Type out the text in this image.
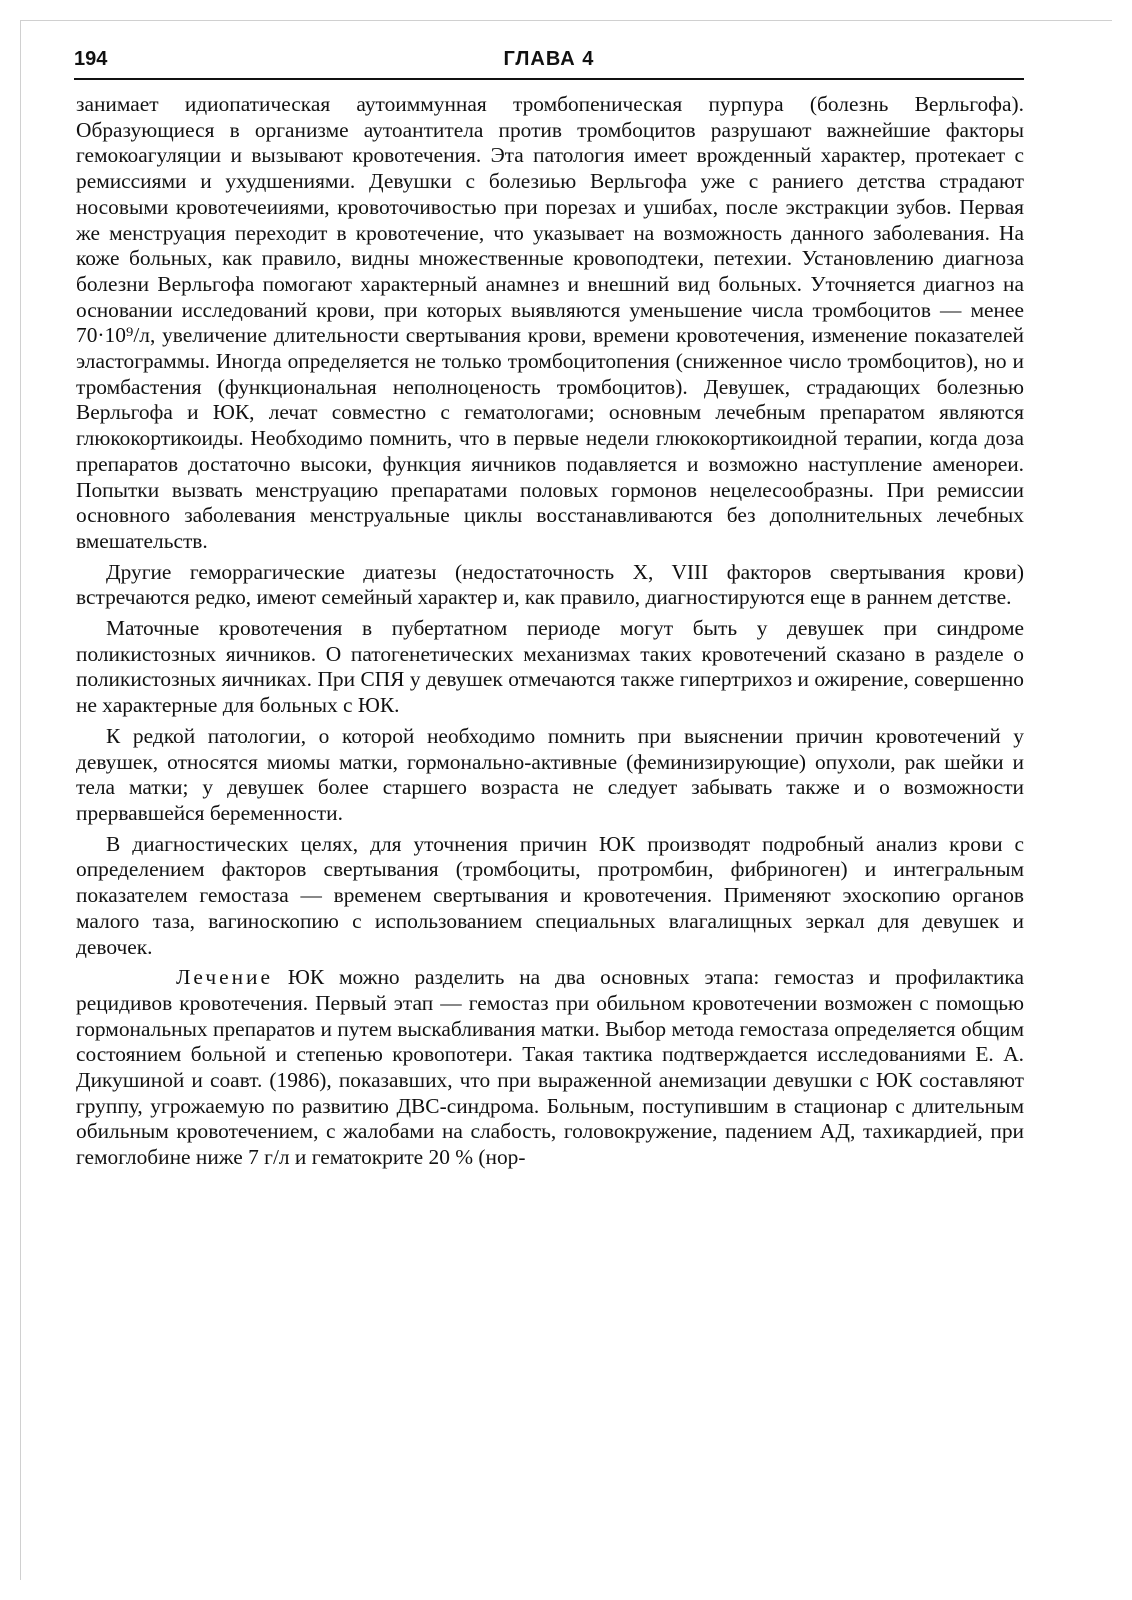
194	ГЛАВА 4

занимает идиопатическая аутоиммунная тромбопеническая пурпура (болезнь Верльгофа). Образующиеся в организме аутоантитела против тромбоцитов разрушают важнейшие факторы гемокоагуляции и вызывают кровотечения. Эта патология имеет врожденный характер, протекает с ремиссиями и ухудшениями. Девушки с болезиью Верльгофа уже с раниего детства страдают носовыми кровотечеииями, кровоточивостью при порезах и ушибах, после экстракции зубов. Первая же менструация переходит в кровотечение, что указывает на возможность данного заболевания. На коже больных, как правило, видны множественные кровоподтеки, петехии. Установлению диагноза болезни Верльгофа помогают характерный анамнез и внешний вид больных. Уточняется диагноз на основании исследований крови, при которых выявляются уменьшение числа тромбоцитов — менее 70·10⁹/л, увеличение длительности свертывания крови, времени кровотечения, изменение показателей эластограммы. Иногда определяется не только тромбоцитопения (сниженное число тромбоцитов), но и тромбастения (функциональная неполноценость тромбоцитов). Девушек, страдающих болезнью Верльгофа и ЮК, лечат совместно с гематологами; основным лечебным препаратом являются глюкокортикоиды. Необходимо помнить, что в первые недели глюкокортикоидной терапии, когда доза препаратов достаточно высоки, функция яичников подавляется и возможно наступление аменореи. Попытки вызвать менструацию препаратами половых гормонов нецелесообразны. При ремиссии основного заболевания менструальные циклы восстанавливаются без дополнительных лечебных вмешательств.

Другие геморрагические диатезы (недостаточность X, VIII факторов свертывания крови) встречаются редко, имеют семейный характер и, как правило, диагностируются еще в раннем детстве.

Маточные кровотечения в пубертатном периоде могут быть у девушек при синдроме поликистозных яичников. О патогенетических механизмах таких кровотечений сказано в разделе о поликистозных яичниках. При СПЯ у девушек отмечаются также гипертрихоз и ожирение, совершенно не характерные для больных с ЮК.

К редкой патологии, о которой необходимо помнить при выяснении причин кровотечений у девушек, относятся миомы матки, гормонально-активные (феминизирующие) опухоли, рак шейки и тела матки; у девушек более старшего возраста не следует забывать также и о возможности прервавшейся беременности.

В диагностических целях, для уточнения причин ЮК производят подробный анализ крови с определением факторов свертывания (тромбоциты, протромбин, фибриноген) и интегральным показателем гемостаза — временем свертывания и кровотечения. Применяют эхоскопию органов малого таза, вагиноскопию с использованием специальных влагалищных зеркал для девушек и девочек.

Лечение ЮК можно разделить на два основных этапа: гемостаз и профилактика рецидивов кровотечения. Первый этап — гемостаз при обильном кровотечении возможен с помощью гормональных препаратов и путем выскабливания матки. Выбор метода гемостаза определяется общим состоянием больной и степенью кровопотери. Такая тактика подтверждается исследованиями Е. А. Дикушиной и соавт. (1986), показавших, что при выраженной анемизации девушки с ЮК составляют группу, угрожаемую по развитию ДВС-синдрома. Больным, поступившим в стационар с длительным обильным кровотечением, с жалобами на слабость, головокружение, падением АД, тахикардией, при гемоглобине ниже 7 г/л и гематокрите 20 % (нор-
